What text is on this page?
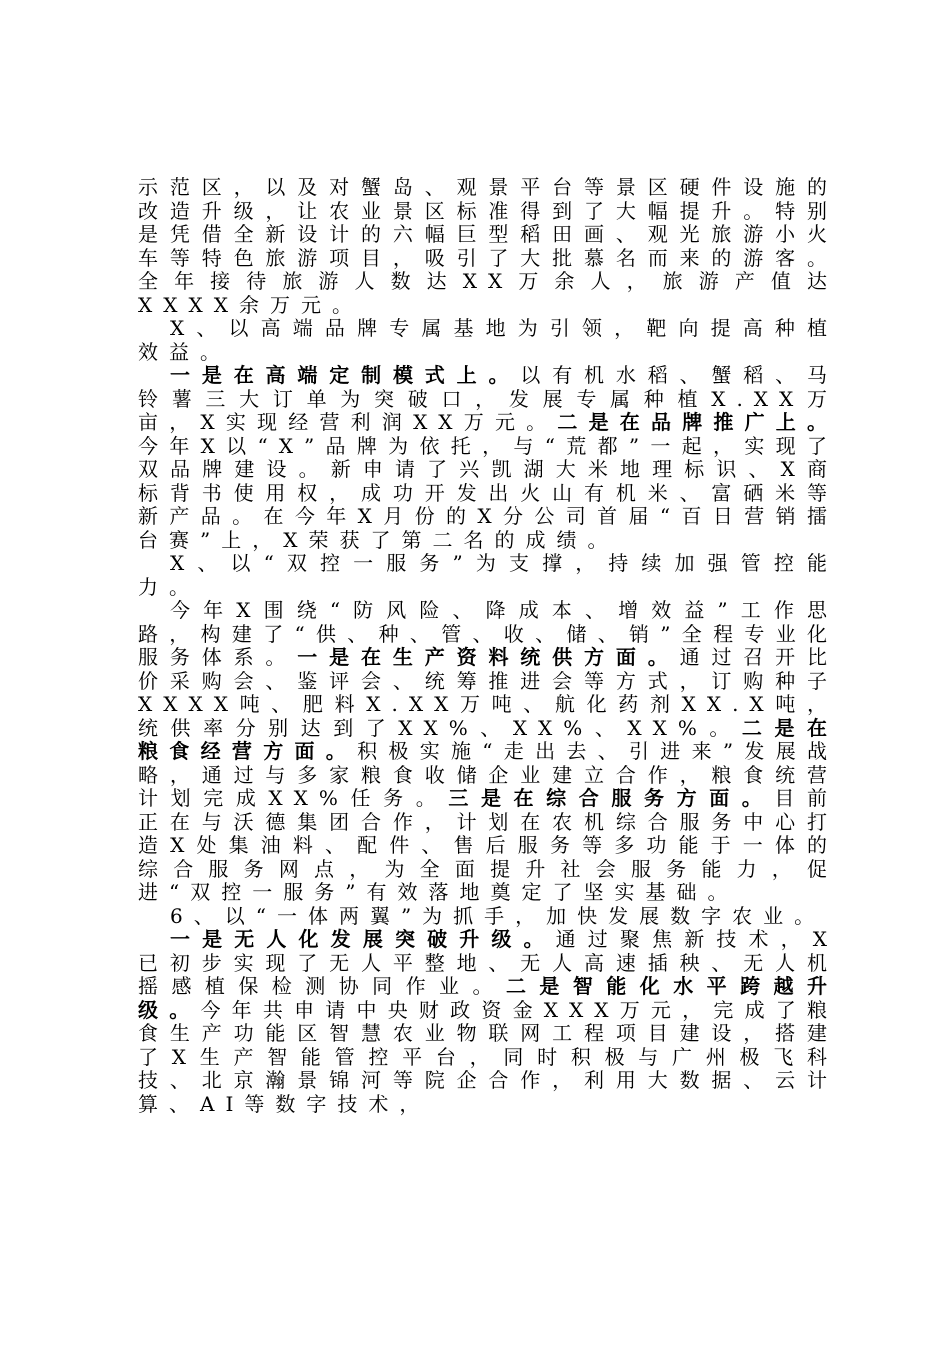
示范区，以及对蟹岛、观景平台等景区硬件设施的改造升级，让农业景区标准得到了大幅提升。特别是凭借全新设计的六幅巨型稻田画、观光旅游小火车等特色旅游项目，吸引了大批慕名而来的游客。全年接待旅游人数达XX万余人，旅游产值达XXXX余万元。

X、以高端品牌专属基地为引领，靶向提高种植效益。

一是在高端定制模式上。以有机水稻、蟹稻、马铃薯三大订单为突破口，发展专属种植X.XX万亩，X实现经营利润XX万元。二是在品牌推广上。今年X以“X”品牌为依托，与“荒都”一起，实现了双品牌建设。新申请了兴凯湖大米地理标识、X商标背书使用权，成功开发出火山有机米、富硒米等新产品。在今年X月份的X分公司首届“百日营销擂台赛”上，X荣获了第二名的成绩。

X、以“双控一服务”为支撑，持续加强管控能力。

今年X围绕“防风险、降成本、增效益”工作思路，构建了“供、种、管、收、储、销”全程专业化服务体系。一是在生产资料统供方面。通过召开比价采购会、鉴评会、统筹推进会等方式，订购种子XXXX吨、肥料X.XX万吨、航化药剂XX.X吨，统供率分别达到了XX%、XX%、XX%。二是在粮食经营方面。积极实施“走出去、引进来”发展战略，通过与多家粮食收储企业建立合作，粮食统营计划完成XX%任务。三是在综合服务方面。目前正在与沃德集团合作，计划在农机综合服务中心打造X处集油料、配件、售后服务等多功能于一体的综合服务网点，为全面提升社会服务能力，促进“双控一服务”有效落地奠定了坚实基础。

6、以“一体两翼”为抓手，加快发展数字农业。

一是无人化发展突破升级。通过聚焦新技术，X已初步实现了无人平整地、无人高速插秧、无人机摇感植保检测协同作业。二是智能化水平跨越升级。今年共申请中央财政资金XXX万元，完成了粮食生产功能区智慧农业物联网工程项目建设，搭建了X生产智能管控平台，同时积极与广州极飞科技、北京瀚景锦河等院企合作，利用大数据、云计算、AI等数字技术，
